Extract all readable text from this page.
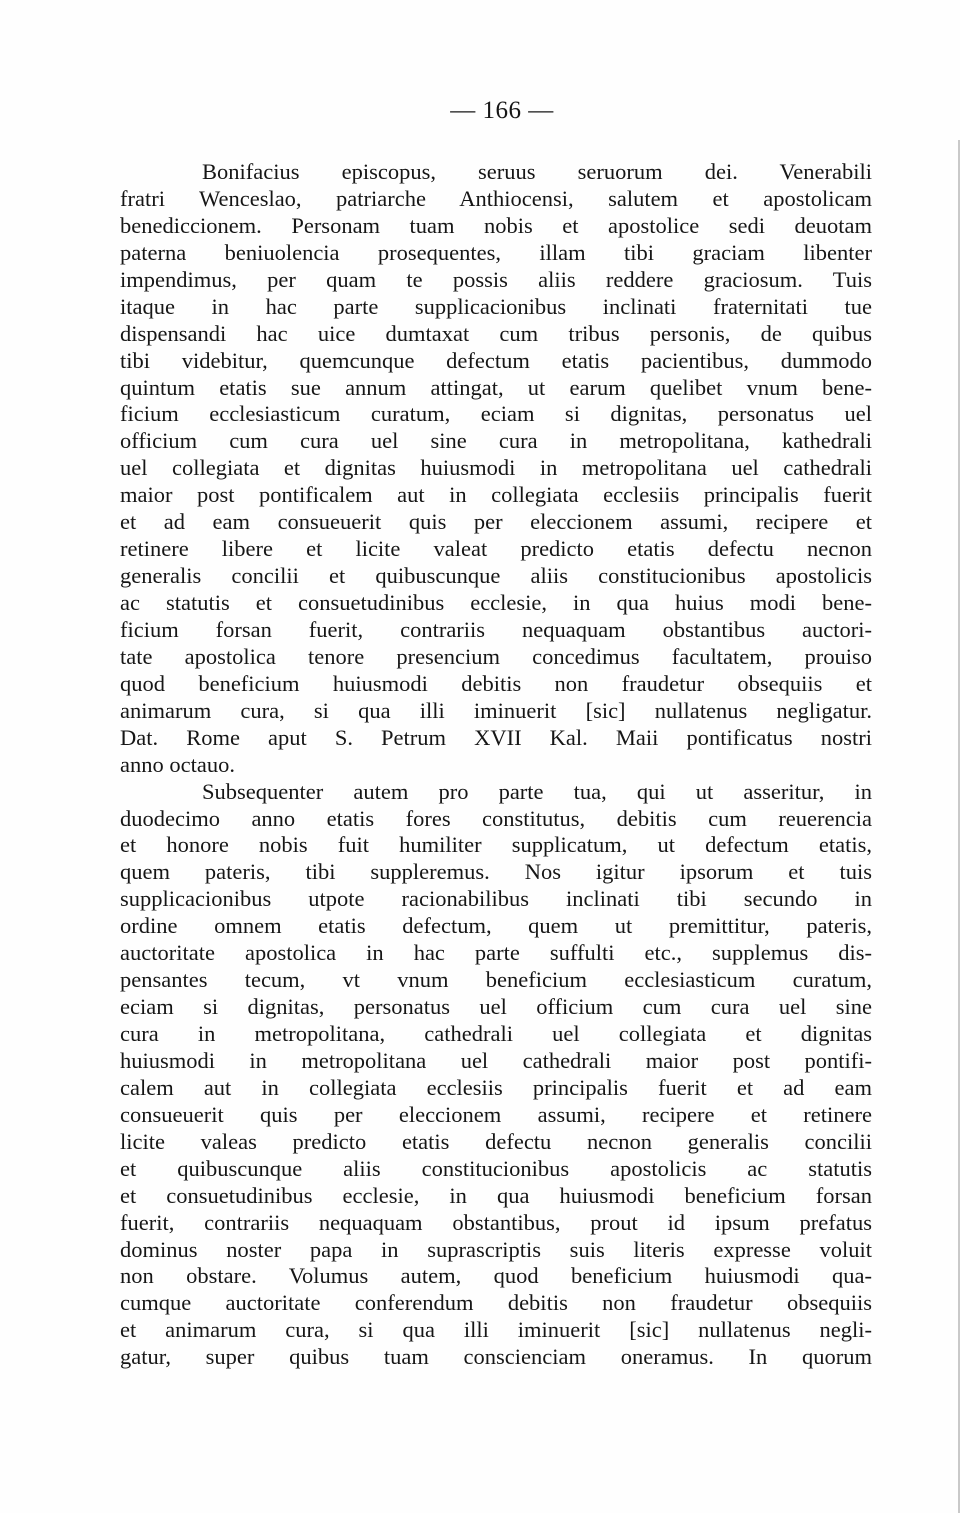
— 166 —
Bonifacius episcopus, seruus seruorum dei. Venerabili
fratri Wenceslao, patriarche Anthiocensi, salutem et apostolicam
benediccionem. Personam tuam nobis et apostolice sedi deuotam
paterna beniuolencia prosequentes, illam tibi graciam libenter
impendimus, per quam te possis aliis reddere graciosum. Tuis
itaque in hac parte supplicacionibus inclinati fraternitati tue
dispensandi hac uice dumtaxat cum tribus personis, de quibus
tibi videbitur, quemcunque defectum etatis pacientibus, dummodo
quintum etatis sue annum attingat, ut earum quelibet vnum bene-
ficium ecclesiasticum curatum, eciam si dignitas, personatus uel
officium cum cura uel sine cura in metropolitana, kathedrali
uel collegiata et dignitas huiusmodi in metropolitana uel cathedrali
maior post pontificalem aut in collegiata ecclesiis principalis fuerit
et ad eam consueuerit quis per eleccionem assumi, recipere et
retinere libere et licite valeat predicto etatis defectu necnon
generalis concilii et quibuscunque aliis constitucionibus apostolicis
ac statutis et consuetudinibus ecclesie, in qua huius modi bene-
ficium forsan fuerit, contrariis nequaquam obstantibus auctori-
tate apostolica tenore presencium concedimus facultatem, prouiso
quod beneficium huiusmodi debitis non fraudetur obsequiis et
animarum cura, si qua illi iminuerit [sic] nullatenus negligatur.
Dat. Rome aput S. Petrum XVII Kal. Maii pontificatus nostri
anno octauo.
Subsequenter autem pro parte tua, qui ut asseritur, in
duodecimo anno etatis fores constitutus, debitis cum reuerencia
et honore nobis fuit humiliter supplicatum, ut defectum etatis,
quem pateris, tibi suppleremus. Nos igitur ipsorum et tuis
supplicacionibus utpote racionabilibus inclinati tibi secundo in
ordine omnem etatis defectum, quem ut premittitur, pateris,
auctoritate apostolica in hac parte suffulti etc., supplemus dis-
pensantes tecum, vt vnum beneficium ecclesiasticum curatum,
eciam si dignitas, personatus uel officium cum cura uel sine
cura in metropolitana, cathedrali uel collegiata et dignitas
huiusmodi in metropolitana uel cathedrali maior post pontifi-
calem aut in collegiata ecclesiis principalis fuerit et ad eam
consueuerit quis per eleccionem assumi, recipere et retinere
licite valeas predicto etatis defectu necnon generalis concilii
et quibuscunque aliis constitucionibus apostolicis ac statutis
et consuetudinibus ecclesie, in qua huiusmodi beneficium forsan
fuerit, contrariis nequaquam obstantibus, prout id ipsum prefatus
dominus noster papa in suprascriptis suis literis expresse voluit
non obstare. Volumus autem, quod beneficium huiusmodi qua-
cumque auctoritate conferendum debitis non fraudetur obsequiis
et animarum cura, si qua illi iminuerit [sic] nullatenus negli-
gatur, super quibus tuam conscienciam oneramus. In quorum
